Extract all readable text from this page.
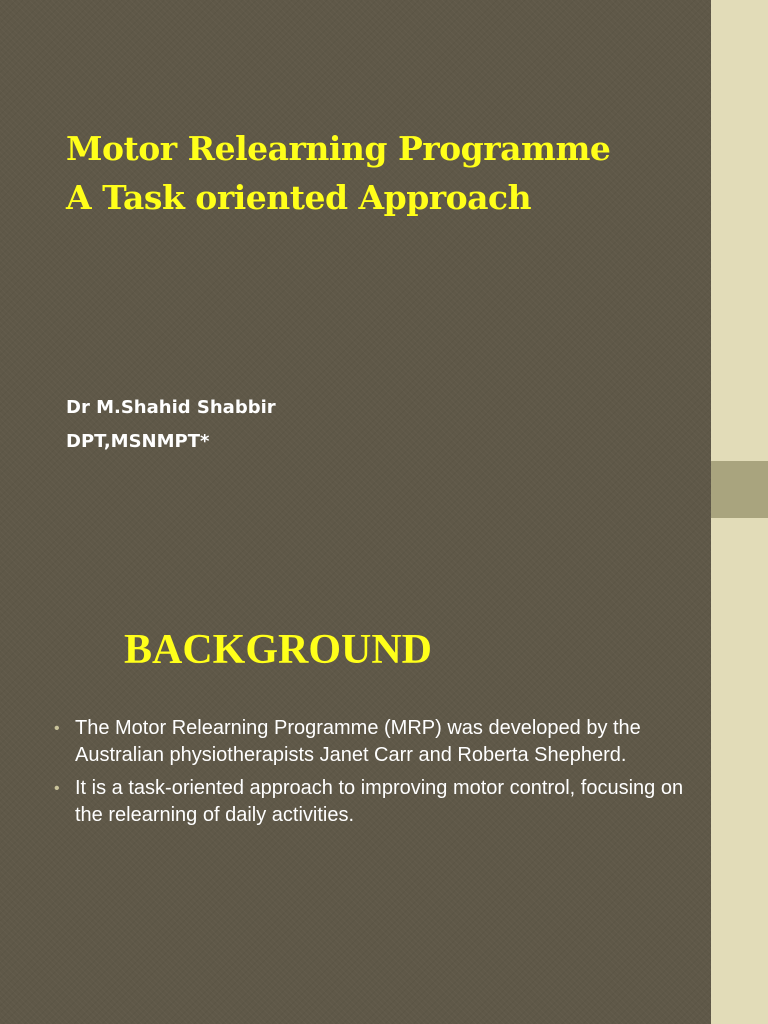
Motor Relearning Programme
A Task oriented Approach
Dr M.Shahid Shabbir
DPT,MSNMPT*
BACKGROUND
• The Motor Relearning Programme (MRP) was developed by the Australian physiotherapists Janet Carr and Roberta Shepherd.
• It is a task-oriented approach to improving motor control, focusing on the relearning of daily activities.
